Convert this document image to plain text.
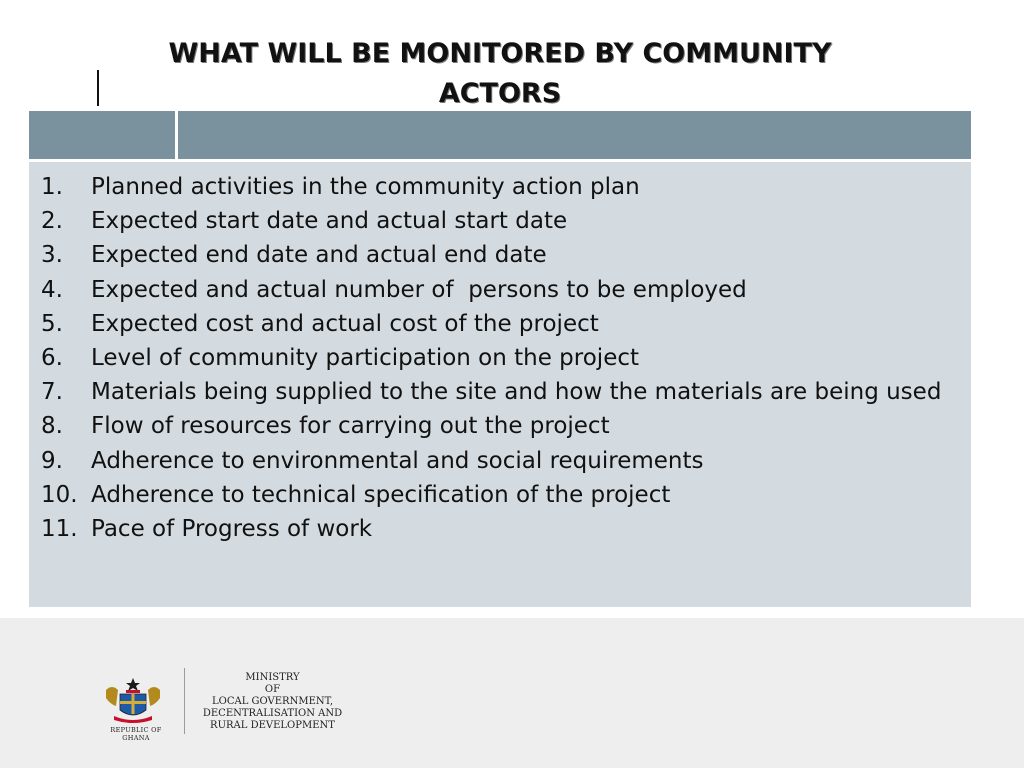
WHAT WILL BE MONITORED BY COMMUNITY
ACTORS
1.	Planned activities in the community action plan
2.	Expected start date and actual start date
3.	Expected end date and actual end date
4.	Expected and actual number of  persons to be employed
5.	Expected cost and actual cost of the project
6.	Level of community participation on the project
7.	Materials being supplied to the site and how the materials are being used
8.	Flow of resources for carrying out the project
9.	Adherence to environmental and social requirements
10. Adherence to technical specification of the project
11. Pace of Progress of work
REPUBLIC OF GHANA
MINISTRY
OF
LOCAL GOVERNMENT,
DECENTRALISATION AND
RURAL DEVELOPMENT
